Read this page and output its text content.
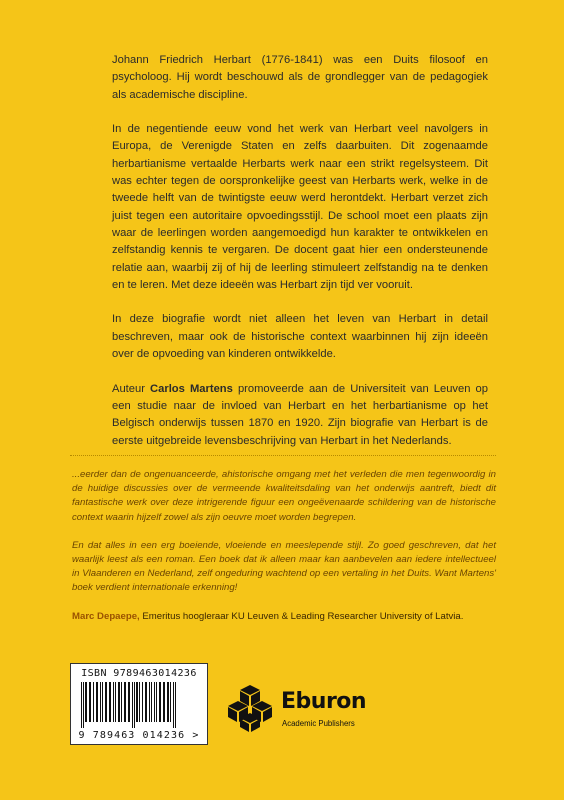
Johann Friedrich Herbart (1776-1841) was een Duits filosoof en psycholoog. Hij wordt beschouwd als de grondlegger van de pedagogiek als academische discipline.

In de negentiende eeuw vond het werk van Herbart veel navolgers in Europa, de Verenigde Staten en zelfs daarbuiten. Dit zogenaamde herbartianisme vertaalde Herbarts werk naar een strikt regelsysteem. Dit was echter tegen de oorspronkelijke geest van Herbarts werk, welke in de tweede helft van de twintigste eeuw werd herontdekt. Herbart verzet zich juist tegen een autoritaire opvoedingsstijl. De school moet een plaats zijn waar de leerlingen worden aangemoedigd hun karakter te ontwikkelen en zelfstandig kennis te vergaren. De docent gaat hier een ondersteunende relatie aan, waarbij zij of hij de leerling stimuleert zelfstandig na te denken en te leren. Met deze ideeën was Herbart zijn tijd ver vooruit.

In deze biografie wordt niet alleen het leven van Herbart in detail beschreven, maar ook de historische context waarbinnen hij zijn ideeën over de opvoeding van kinderen ontwikkelde.

Auteur Carlos Martens promoveerde aan de Universiteit van Leuven op een studie naar de invloed van Herbart en het herbartianisme op het Belgisch onderwijs tussen 1870 en 1920. Zijn biografie van Herbart is de eerste uitgebreide levensbeschrijving van Herbart in het Nederlands.

...eerder dan de ongenuanceerde, ahistorische omgang met het verleden die men tegenwoordig in de huidige discussies over de vermeende kwaliteitsdaling van het onderwijs aantreft, biedt dit fantastische werk over deze intrigerende figuur een ongeëvenaarde schildering van de historische context waarin hijzelf zowel als zijn oeuvre moet worden begrepen.

En dat alles in een erg boeiende, vloeiende en meeslepende stijl. Zo goed geschreven, dat het waarlijk leest als een roman. Een boek dat ik alleen maar kan aanbevelen aan iedere intellectueel in Vlaanderen en Nederland, zelf ongeduring wachtend op een vertaling in het Duits. Want Martens' boek verdient internationale erkenning!

Marc Depaepe, Emeritus hoogleraar KU Leuven & Leading Researcher University of Latvia.
ISBN 9789463014236
9 789463 014236 >
Eburon
Academic Publishers
